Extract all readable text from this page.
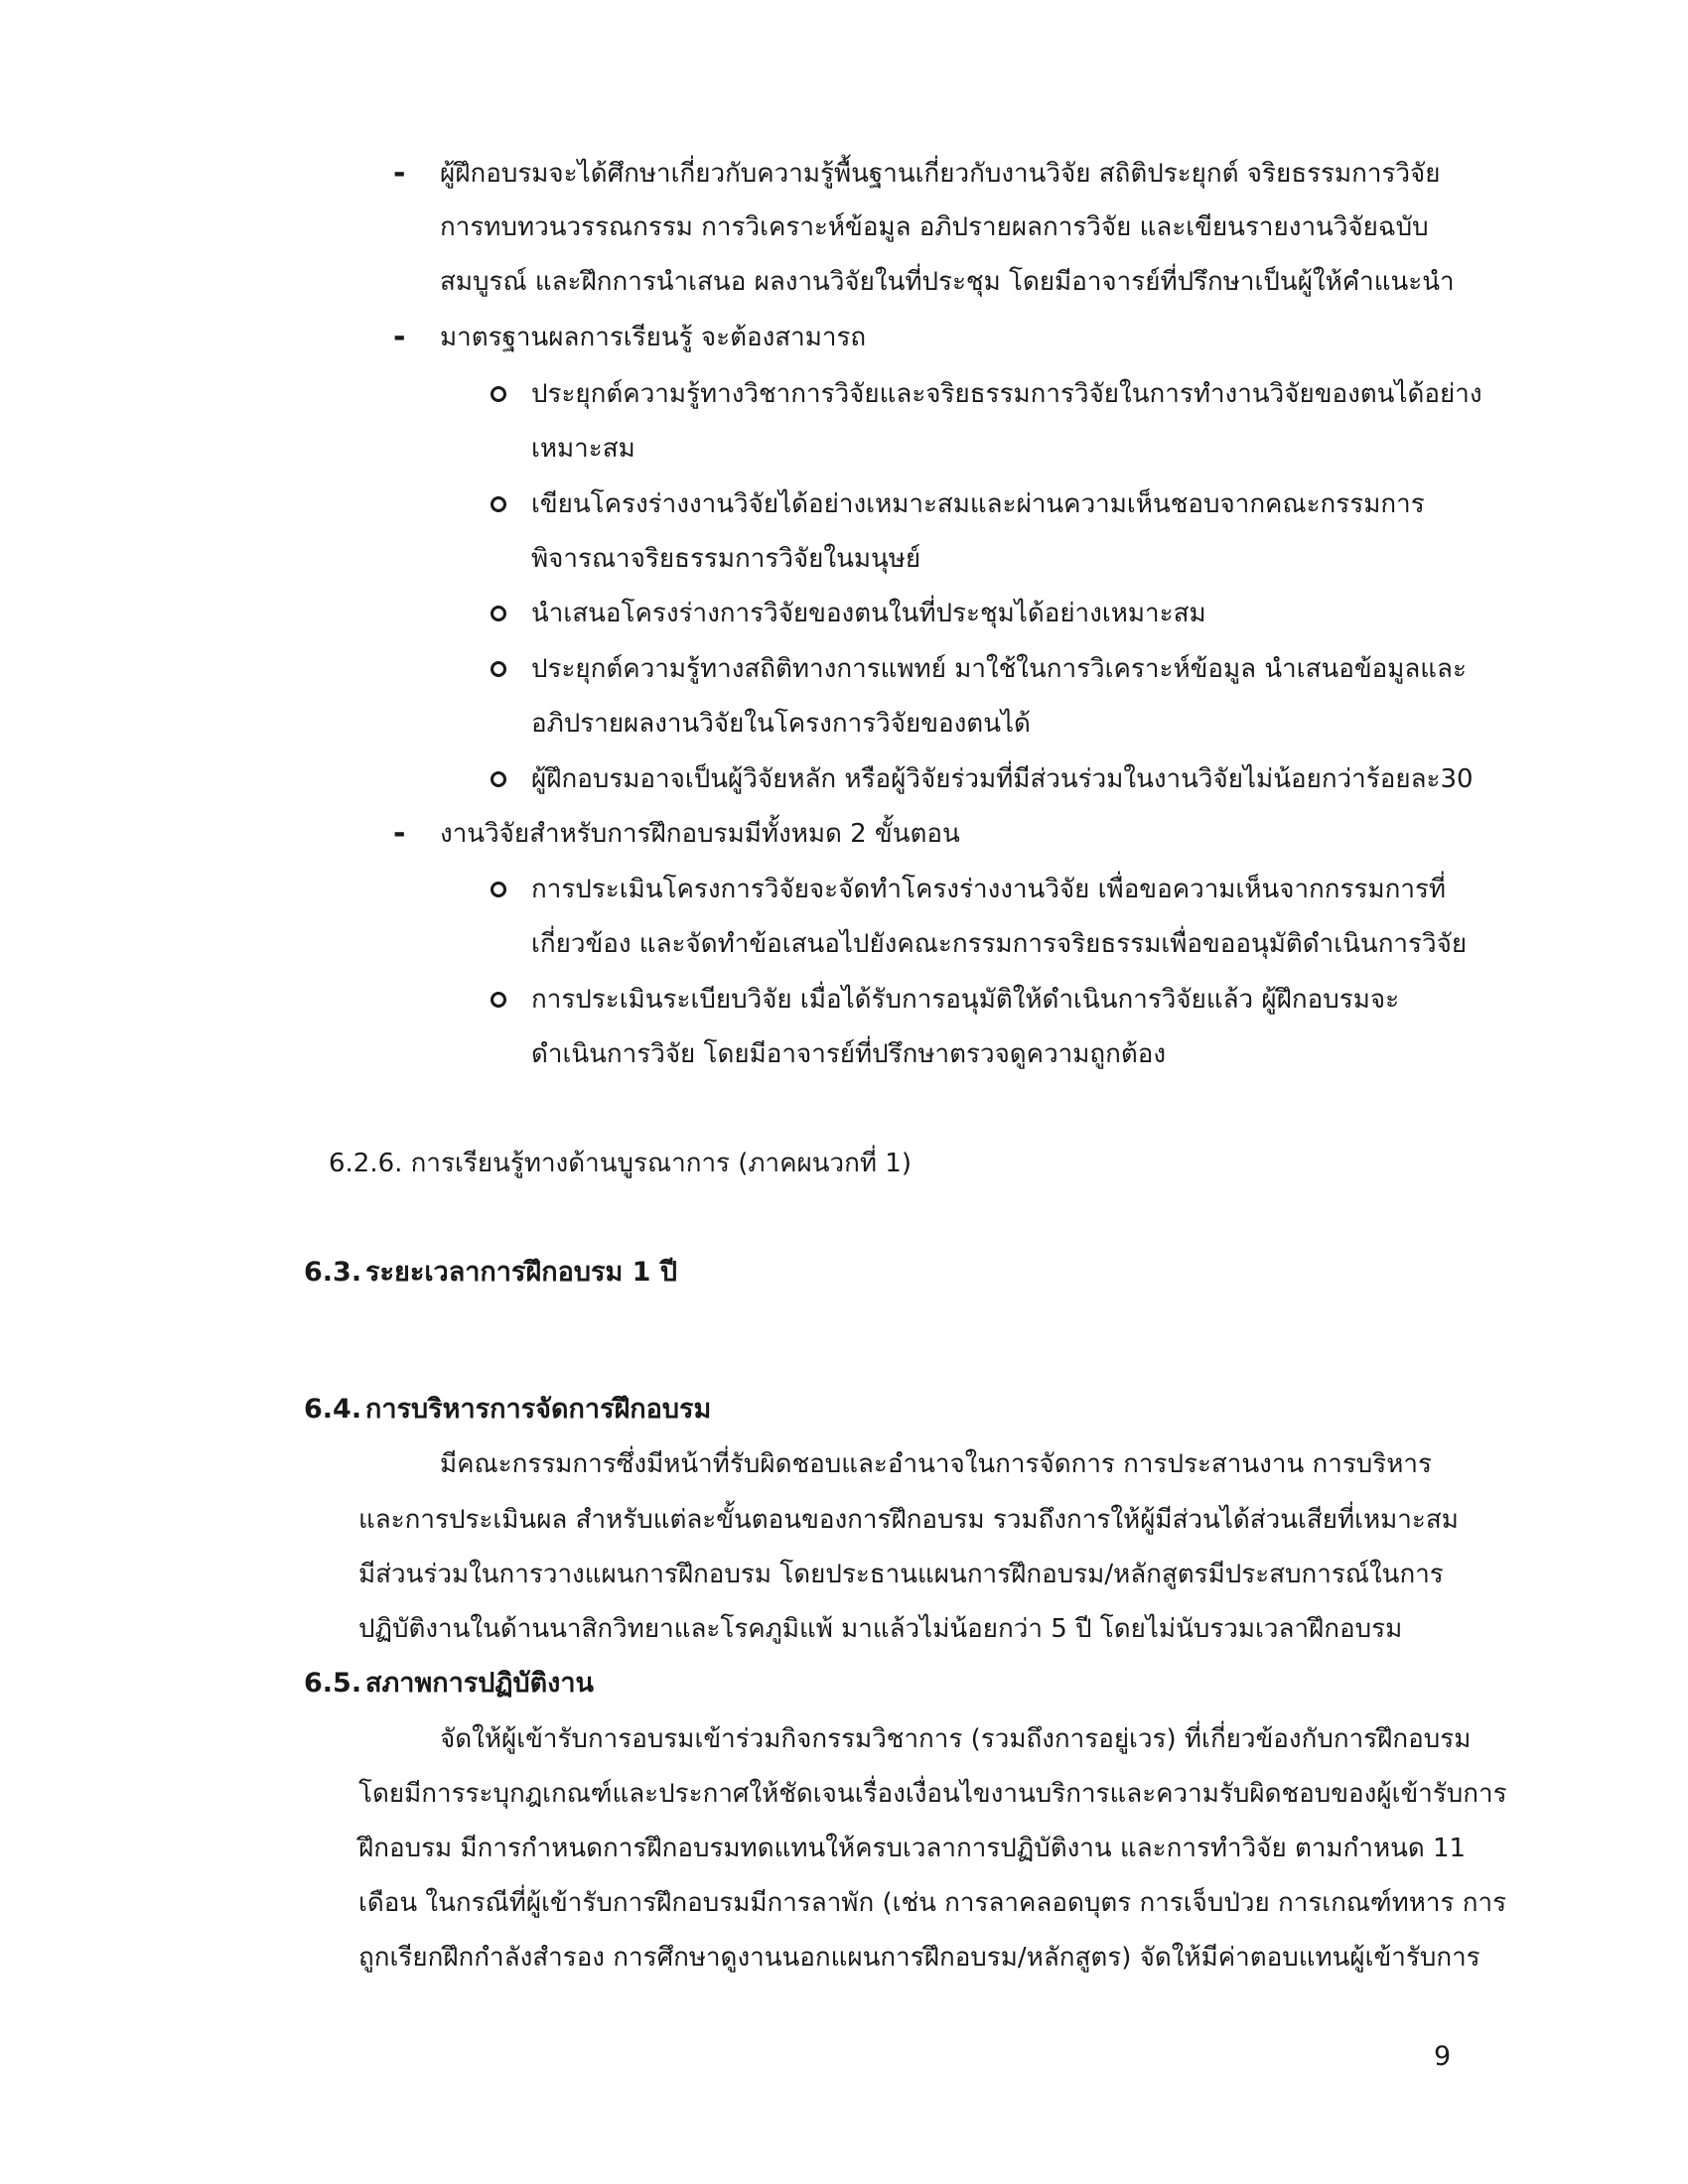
- ผู้ฝึกอบรมจะได้ศึกษาเกี่ยวกับความรู้พื้นฐานเกี่ยวกับงานวิจัย สถิติประยุกต์ จริยธรรมการวิจัย
การทบทวนวรรณกรรม การวิเคราะห์ข้อมูล อภิปรายผลการวิจัย และเขียนรายงานวิจัยฉบับ
สมบูรณ์ และฝึกการนำเสนอ ผลงานวิจัยในที่ประชุม โดยมีอาจารย์ที่ปรึกษาเป็นผู้ให้คำแนะนำ
- มาตรฐานผลการเรียนรู้ จะต้องสามารถ
ประยุกต์ความรู้ทางวิชาการวิจัยและจริยธรรมการวิจัยในการทำงานวิจัยของตนได้อย่าง
เหมาะสม
เขียนโครงร่างงานวิจัยได้อย่างเหมาะสมและผ่านความเห็นชอบจากคณะกรรมการ
พิจารณาจริยธรรมการวิจัยในมนุษย์
นำเสนอโครงร่างการวิจัยของตนในที่ประชุมได้อย่างเหมาะสม
ประยุกต์ความรู้ทางสถิติทางการแพทย์ มาใช้ในการวิเคราะห์ข้อมูล นำเสนอข้อมูลและ
อภิปรายผลงานวิจัยในโครงการวิจัยของตนได้
ผู้ฝึกอบรมอาจเป็นผู้วิจัยหลัก หรือผู้วิจัยร่วมที่มีส่วนร่วมในงานวิจัยไม่น้อยกว่าร้อยละ30
- งานวิจัยสำหรับการฝึกอบรมมีทั้งหมด 2 ขั้นตอน
การประเมินโครงการวิจัยจะจัดทำโครงร่างงานวิจัย เพื่อขอความเห็นจากกรรมการที่
เกี่ยวข้อง และจัดทำข้อเสนอไปยังคณะกรรมการจริยธรรมเพื่อขออนุมัติดำเนินการวิจัย
การประเมินระเบียบวิจัย เมื่อได้รับการอนุมัติให้ดำเนินการวิจัยแล้ว ผู้ฝึกอบรมจะ
ดำเนินการวิจัย โดยมีอาจารย์ที่ปรึกษาตรวจดูความถูกต้อง
6.2.6. การเรียนรู้ทางด้านบูรณาการ (ภาคผนวกที่ 1)
6.3. ระยะเวลาการฝึกอบรม 1 ปี
6.4. การบริหารการจัดการฝึกอบรม
มีคณะกรรมการซึ่งมีหน้าที่รับผิดชอบและอำนาจในการจัดการ การประสานงาน การบริหาร
และการประเมินผล สำหรับแต่ละขั้นตอนของการฝึกอบรม รวมถึงการให้ผู้มีส่วนได้ส่วนเสียที่เหมาะสม
มีส่วนร่วมในการวางแผนการฝึกอบรม โดยประธานแผนการฝึกอบรม/หลักสูตรมีประสบการณ์ในการ
ปฏิบัติงานในด้านนาสิกวิทยาและโรคภูมิแพ้ มาแล้วไม่น้อยกว่า 5 ปี โดยไม่นับรวมเวลาฝึกอบรม
6.5. สภาพการปฏิบัติงาน
จัดให้ผู้เข้ารับการอบรมเข้าร่วมกิจกรรมวิชาการ (รวมถึงการอยู่เวร) ที่เกี่ยวข้องกับการฝึกอบรม
โดยมีการระบุกฎเกณฑ์และประกาศให้ชัดเจนเรื่องเงื่อนไขงานบริการและความรับผิดชอบของผู้เข้ารับการ
ฝึกอบรม มีการกำหนดการฝึกอบรมทดแทนให้ครบเวลาการปฏิบัติงาน และการทำวิจัย ตามกำหนด 11
เดือน ในกรณีที่ผู้เข้ารับการฝึกอบรมมีการลาพัก (เช่น การลาคลอดบุตร การเจ็บป่วย การเกณฑ์ทหาร การ
ถูกเรียกฝึกกำลังสำรอง การศึกษาดูงานนอกแผนการฝึกอบรม/หลักสูตร) จัดให้มีค่าตอบแทนผู้เข้ารับการ
9
